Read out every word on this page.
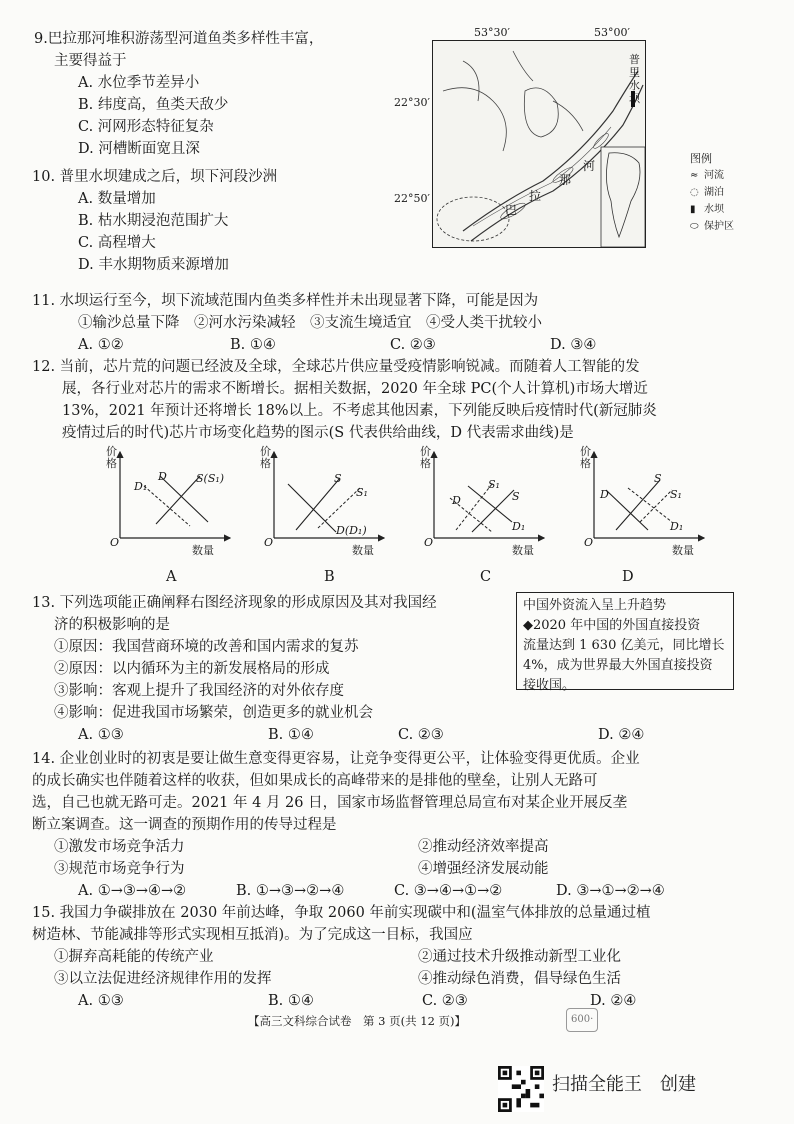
9.巴拉那河堆积游荡型河道鱼类多样性丰富，
主要得益于
A. 水位季节差异小
B. 纬度高，鱼类天敌少
C. 河网形态特征复杂
D. 河槽断面宽且深
10. 普里水坝建成之后，坝下河段沙洲
A. 数量增加
B. 枯水期浸泡范围扩大
C. 高程增大
D. 丰水期物质来源增加
53°30′	53°00′
22°30′
22°50′
普
里
水
坝
河
那
拉
巴
图例
≈ 河流
◌ 湖泊
▮ 水坝
⬭ 保护区
11. 水坝运行至今，坝下流域范围内鱼类多样性并未出现显著下降，可能是因为
①输沙总量下降　②河水污染减轻　③支流生境适宜　④受人类干扰较小
A. ①②	B. ①④	C. ②③	D. ③④
12. 当前，芯片荒的问题已经波及全球，全球芯片供应量受疫情影响锐减。而随着人工智能的发
展，各行业对芯片的需求不断增长。据相关数据，2020 年全球 PC(个人计算机)市场大增近
13%，2021 年预计还将增长 18%以上。不考虑其他因素，下列能反映后疫情时代(新冠肺炎
疫情过后的时代)芯片市场变化趋势的图示(S 代表供给曲线，D 代表需求曲线)是
价
格
O
数量
D₁
D	S(S₁)
A
价
格
O
数量
S
S₁
D(D₁)
B
价
格
O
数量
S₁
S
D
D₁
C
价
格
O
数量
S
S₁
D
D₁
D
13. 下列选项能正确阐释右图经济现象的形成原因及其对我国经
济的积极影响的是
①原因：我国营商环境的改善和国内需求的复苏
②原因：以内循环为主的新发展格局的形成
③影响：客观上提升了我国经济的对外依存度
④影响：促进我国市场繁荣，创造更多的就业机会
A. ①③	B. ①④	C. ②③	D. ②④
中国外资流入呈上升趋势
◆2020 年中国的外国直接投资
流量达到 1 630 亿美元，同比增长
4%，成为世界最大外国直接投资
接收国。
14. 企业创业时的初衷是要让做生意变得更容易，让竞争变得更公平，让体验变得更优质。企业
的成长确实也伴随着这样的收获，但如果成长的高峰带来的是排他的壁垒，让别人无路可
选，自己也就无路可走。2021 年 4 月 26 日，国家市场监督管理总局宣布对某企业开展反垄
断立案调查。这一调查的预期作用的传导过程是
①激发市场竞争活力	②推动经济效率提高
③规范市场竞争行为	④增强经济发展动能
A. ①→③→④→②	B. ①→③→②→④	C. ③→④→①→②	D. ③→①→②→④
15. 我国力争碳排放在 2030 年前达峰，争取 2060 年前实现碳中和(温室气体排放的总量通过植
树造林、节能减排等形式实现相互抵消)。为了完成这一目标，我国应
①摒弃高耗能的传统产业	②通过技术升级推动新型工业化
③以立法促进经济规律作用的发挥	④推动绿色消费，倡导绿色生活
A. ①③	B. ①④	C. ②③	D. ②④
【高三文科综合试卷　第 3 页(共 12 页)】	600·
扫描全能王　创建
